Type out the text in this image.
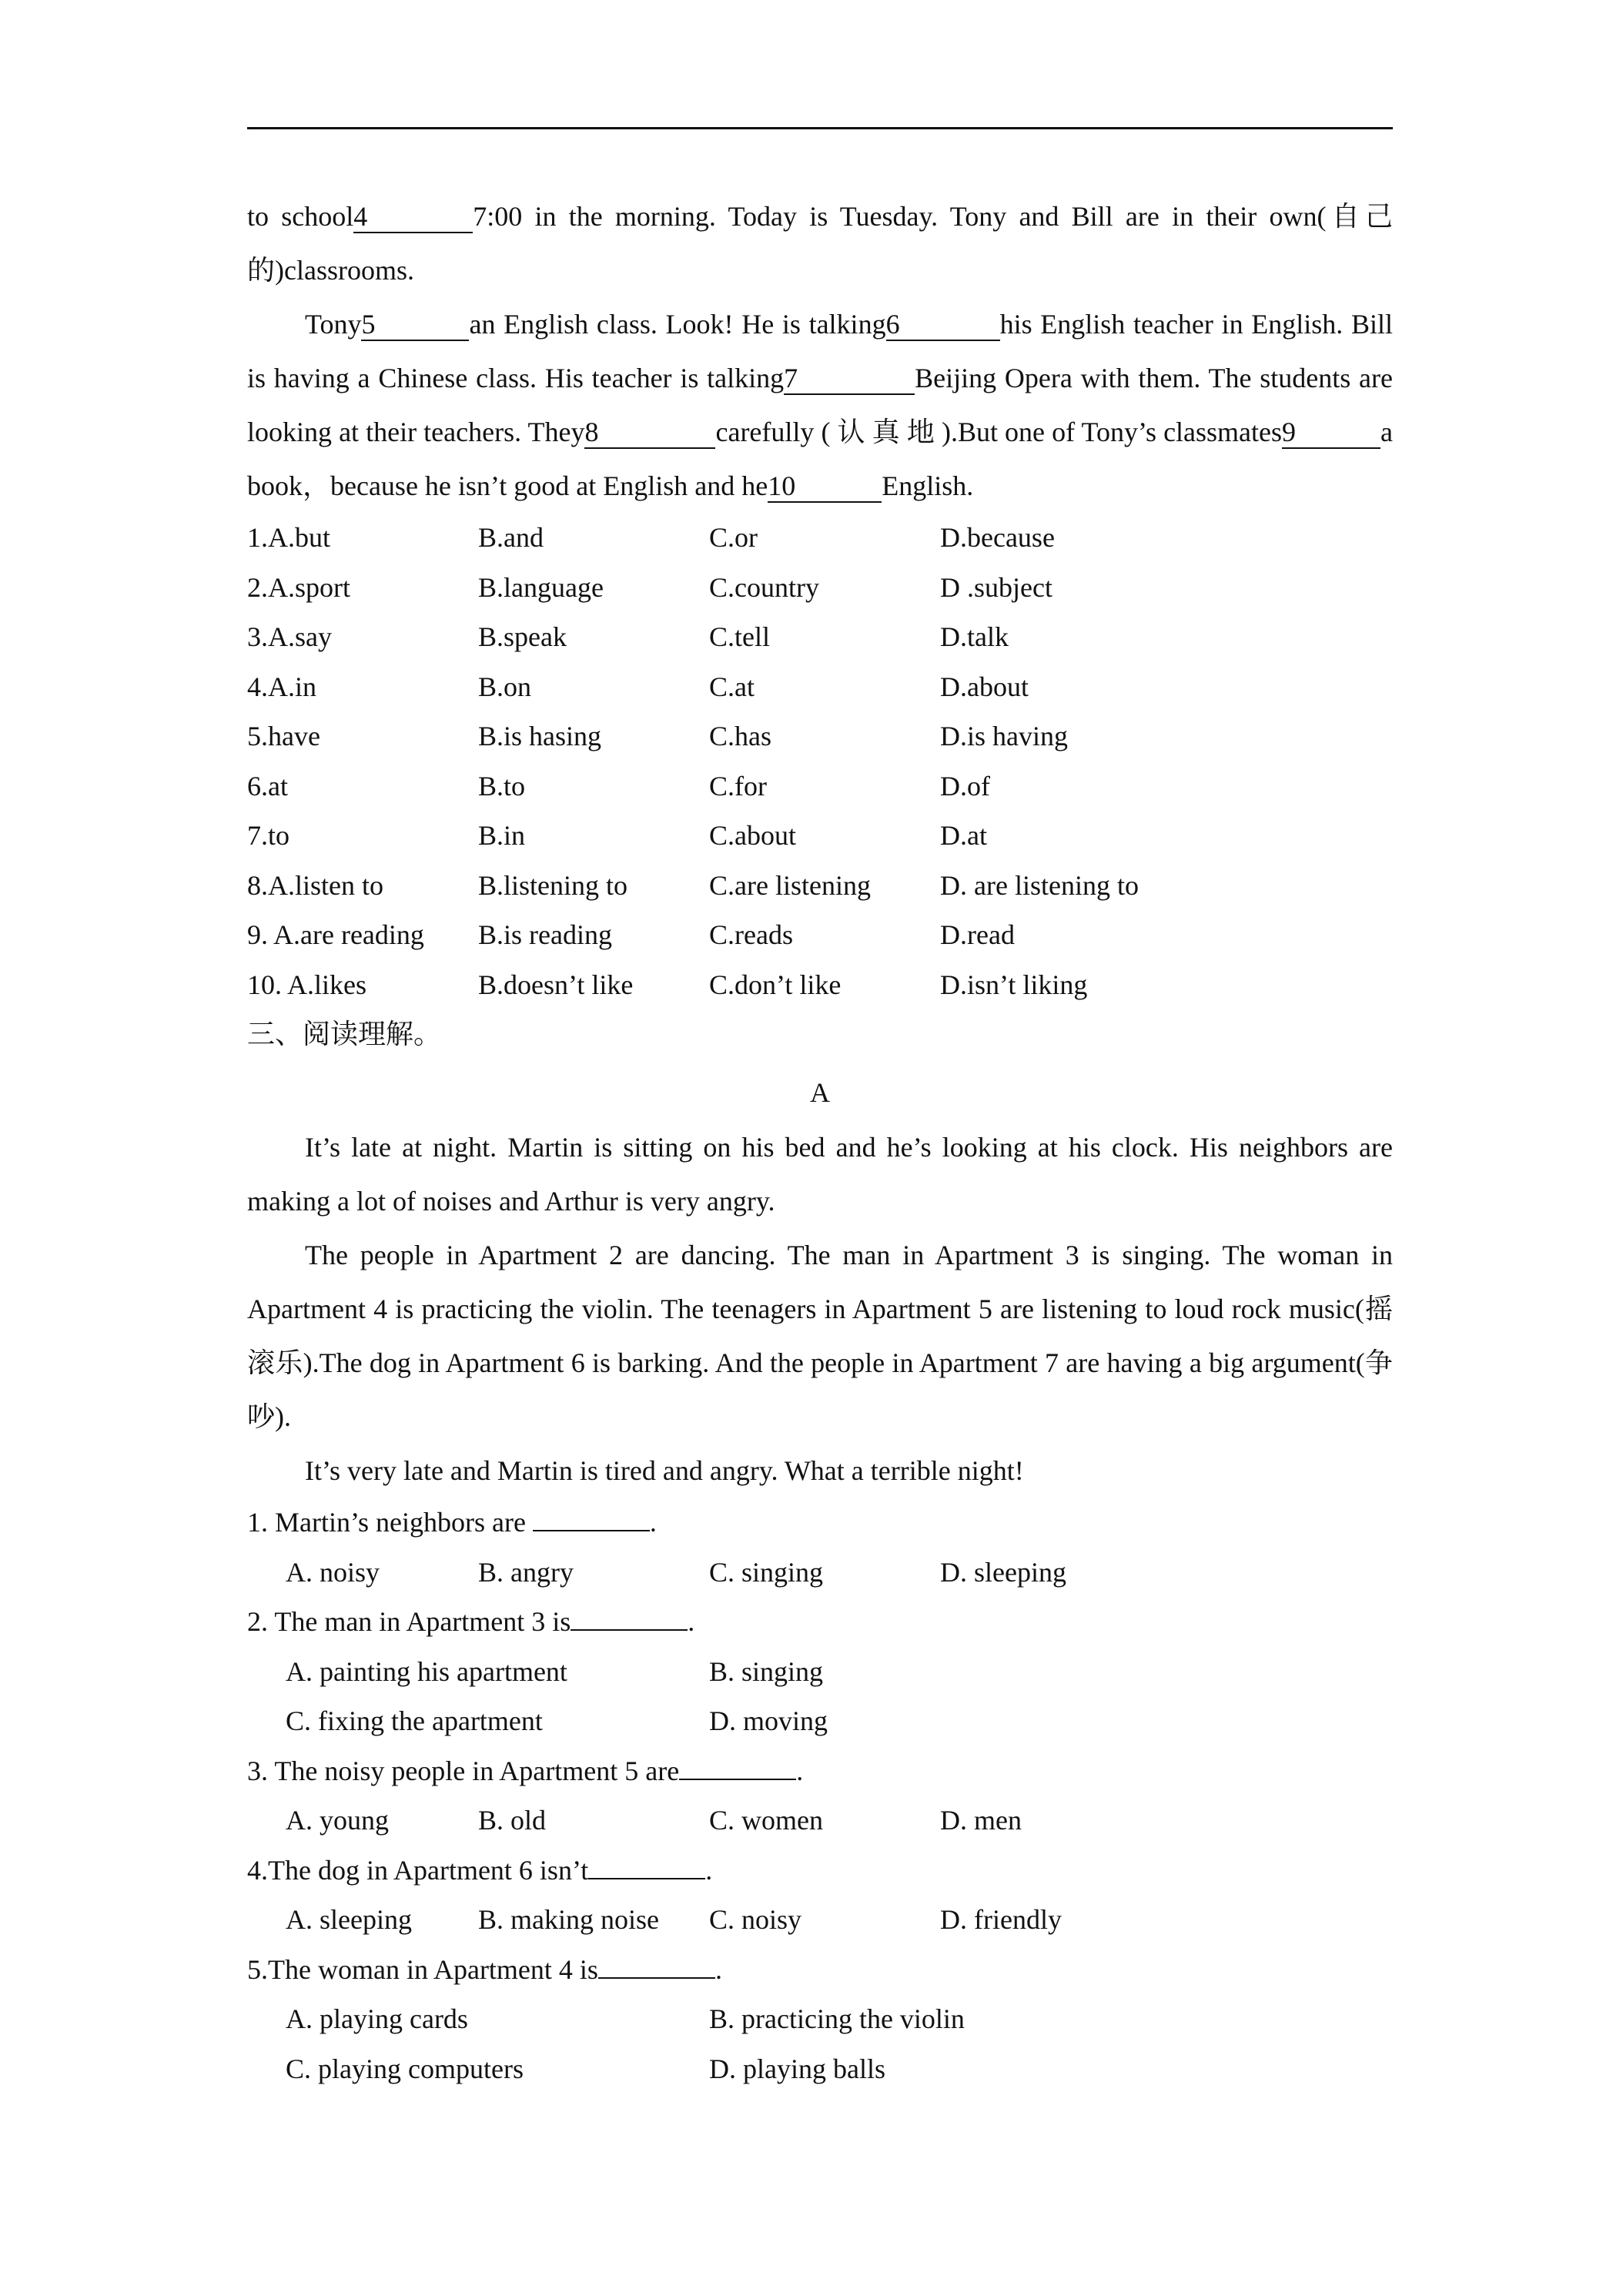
to school4	7:00 in the morning. Today is Tuesday. Tony and Bill are in their own(自己的)classrooms.

Tony5	an English class. Look! He is talking6	his English teacher in English. Bill is having a Chinese class. His teacher is talking7	Beijing Opera with them. The students are looking at their teachers. They8	carefully ( 认 真 地 ).But one of Tony’s classmates9	a book，because he isn’t good at English and he10	English.

1.A.but	B.and	C.or	D.because
2.A.sport	B.language	C.country	D .subject
3.A.say	B.speak	C.tell	D.talk
4.A.in	B.on	C.at	D.about
5.have	B.is hasing	C.has	D.is having
6.at	B.to	C.for	D.of
7.to	B.in	C.about	D.at
8.A.listen to	B.listening to	C.are listening	D. are listening to
9. A.are reading	B.is reading	C.reads	D.read
10. A.likes	B.doesn’t like	C.don’t like	D.isn’t liking
三、阅读理解。
A

It’s late at night. Martin is sitting on his bed and he’s looking at his clock. His neighbors are making a lot of noises and Arthur is very angry.

The people in Apartment 2 are dancing. The man in Apartment 3 is singing. The woman in Apartment 4 is practicing the violin. The teenagers in Apartment 5 are listening to loud rock music(摇滚乐).The dog in Apartment 6 is barking. And the people in Apartment 7 are having a big argument(争吵).

It’s very late and Martin is tired and angry. What a terrible night!

1. Martin’s neighbors are	.
A. noisy	B. angry	C. singing	D. sleeping
2. The man in Apartment 3 is	.
A. painting his apartment	B. singing
C. fixing the apartment	D. moving
3. The noisy people in Apartment 5 are	.
A. young	B. old	C. women	D. men
4.The dog in Apartment 6 isn’t	.
A. sleeping	B. making noise	C. noisy	D. friendly
5.The woman in Apartment 4 is	.
A. playing cards	B. practicing the violin
C. playing computers	D. playing balls
